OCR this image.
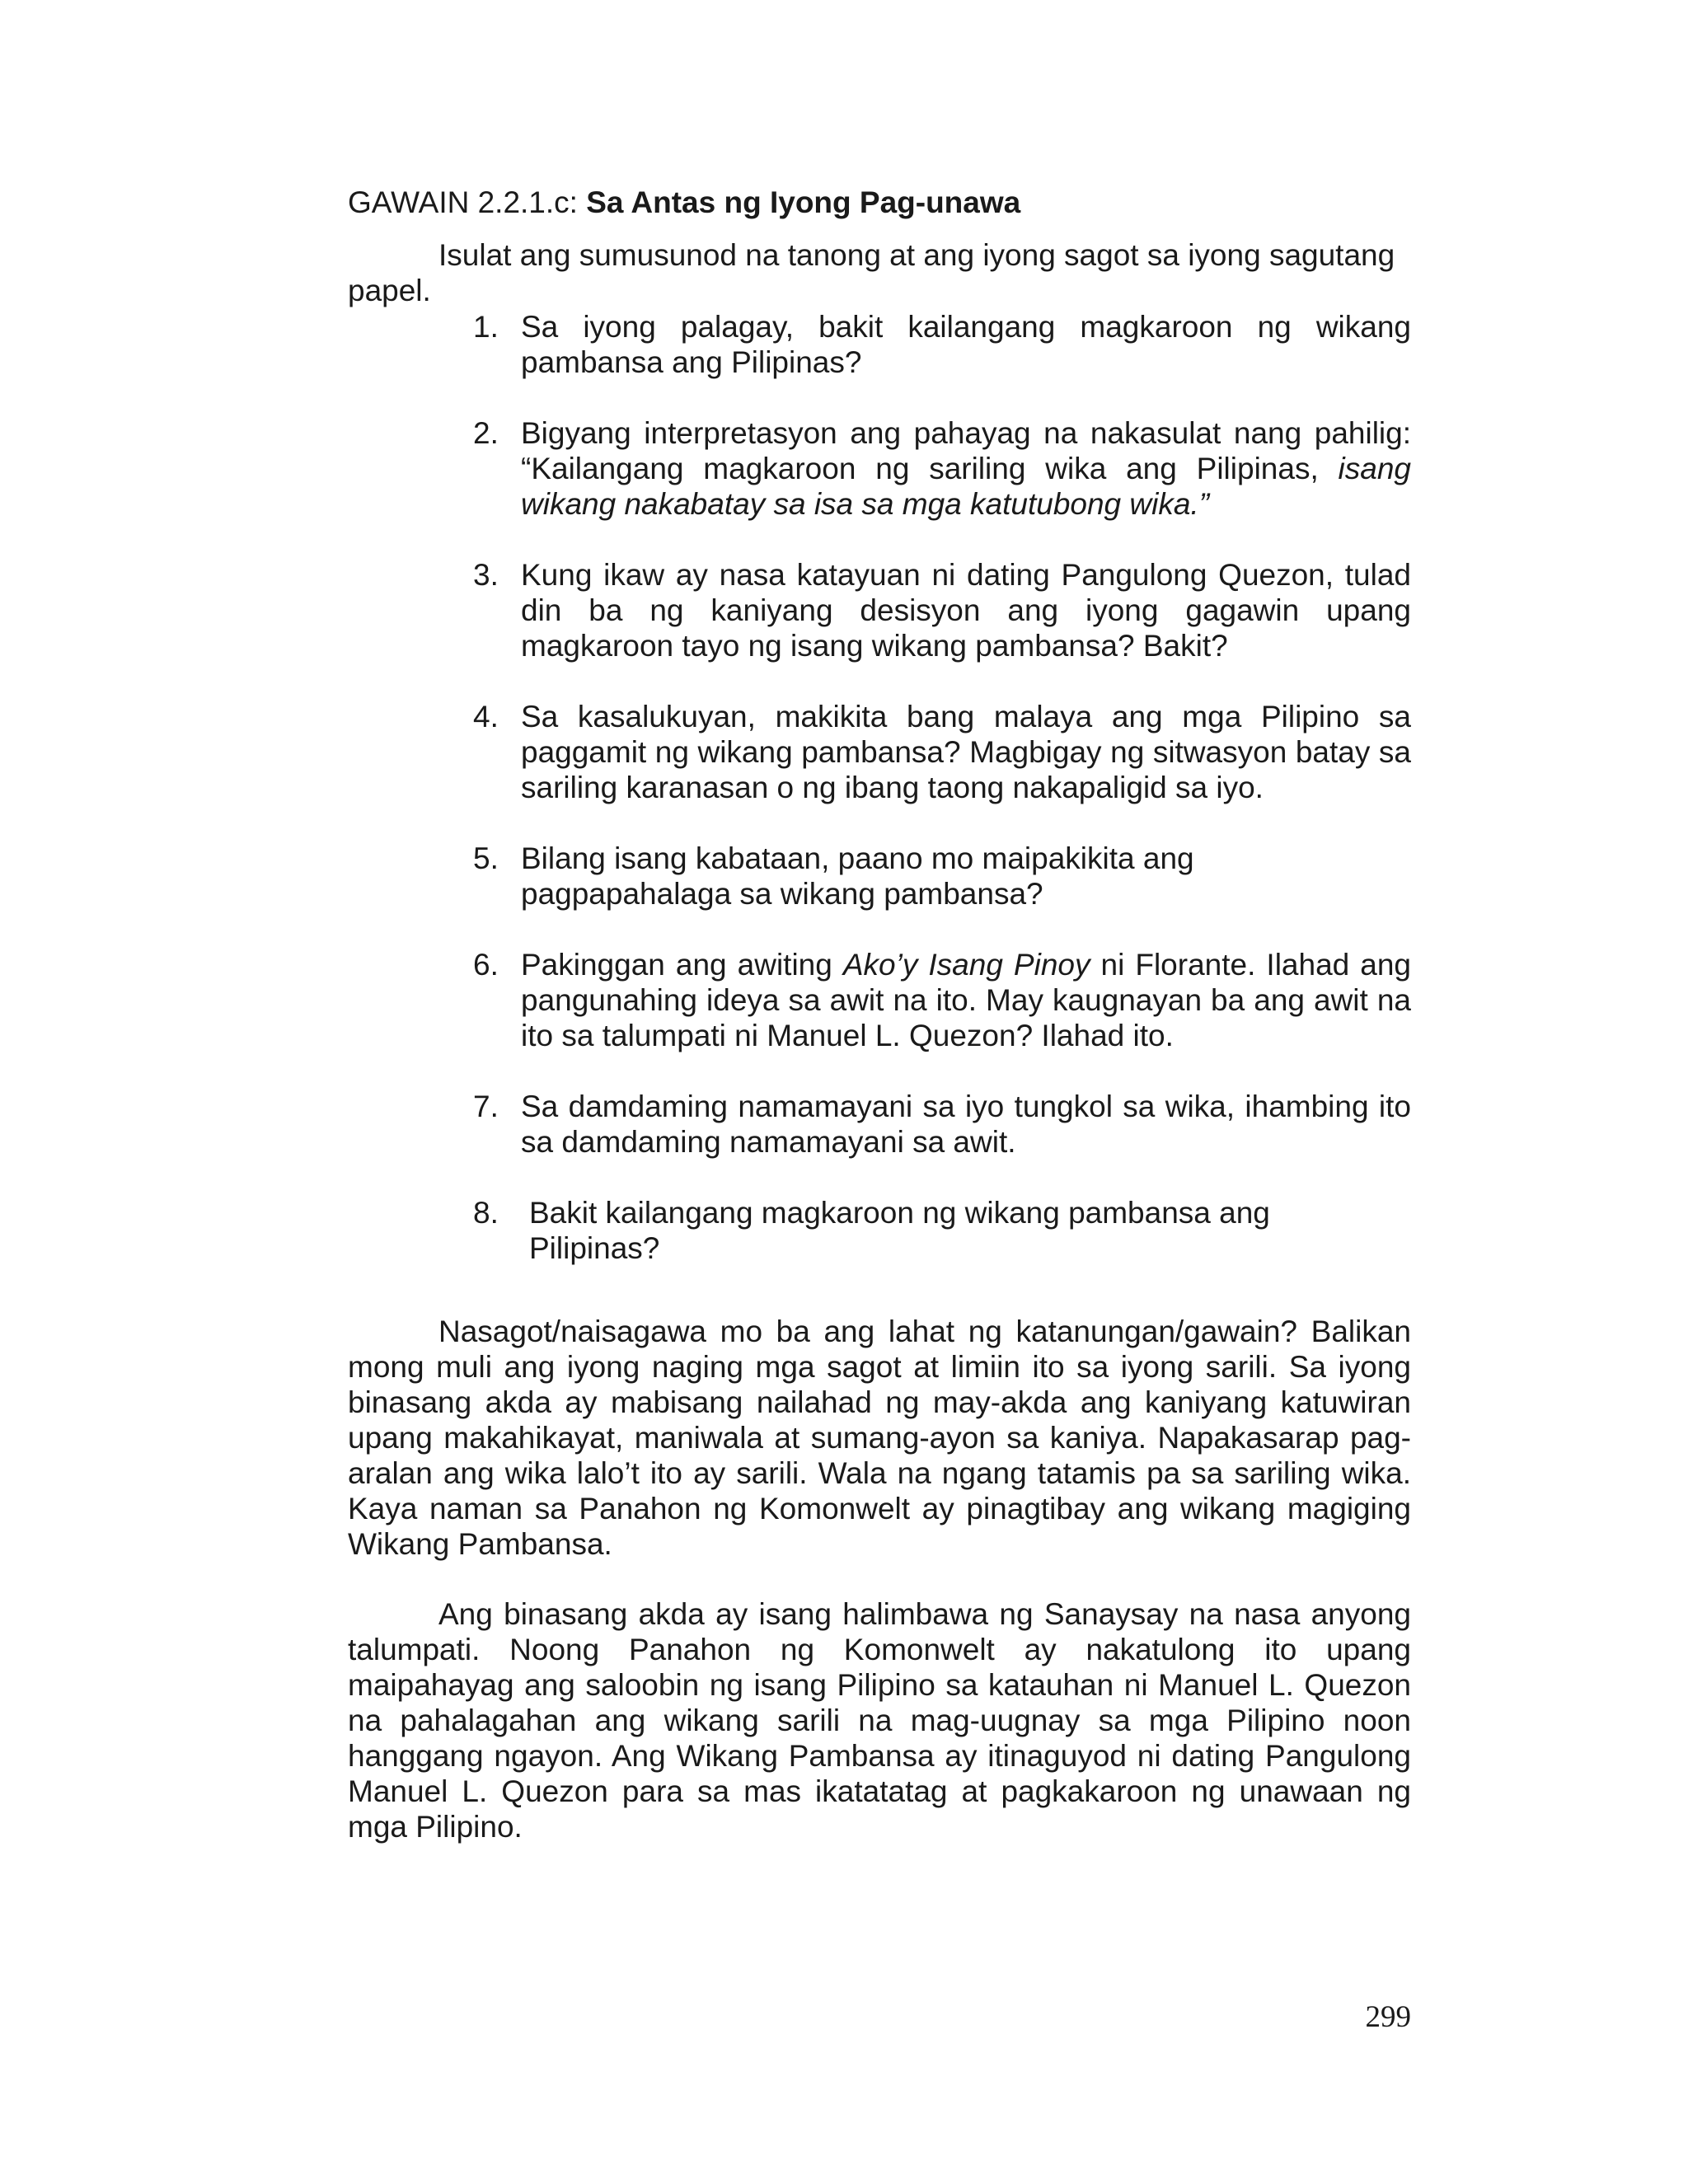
GAWAIN 2.2.1.c: Sa Antas ng Iyong Pag-unawa

Isulat ang sumusunod na tanong at ang iyong sagot sa iyong sagutang papel.

1. Sa iyong palagay, bakit kailangang magkaroon ng wikang pambansa ang Pilipinas?
2. Bigyang interpretasyon ang pahayag na nakasulat nang pahilig: “Kailangang magkaroon ng sariling wika ang Pilipinas, isang wikang nakabatay sa isa sa mga katutubong wika.”
3. Kung ikaw ay nasa katayuan ni dating Pangulong Quezon, tulad din ba ng kaniyang desisyon ang iyong gagawin upang magkaroon tayo ng isang wikang pambansa? Bakit?
4. Sa kasalukuyan, makikita bang malaya ang mga Pilipino sa paggamit ng wikang pambansa? Magbigay ng sitwasyon batay sa sariling karanasan o ng ibang taong nakapaligid sa iyo.
5. Bilang isang kabataan, paano mo maipakikita ang pagpapahalaga sa wikang pambansa?
6. Pakinggan ang awiting Ako’y Isang Pinoy ni Florante. Ilahad ang pangunahing ideya sa awit na ito. May kaugnayan ba ang awit na ito sa talumpati ni Manuel L. Quezon? Ilahad ito.
7. Sa damdaming namamayani sa iyo tungkol sa wika, ihambing ito sa damdaming namamayani sa awit.
8. Bakit kailangang magkaroon ng wikang pambansa ang Pilipinas?

Nasagot/naisagawa mo ba ang lahat ng katanungan/gawain? Balikan mong muli ang iyong naging mga sagot at limiin ito sa iyong sarili. Sa iyong binasang akda ay mabisang nailahad ng may-akda ang kaniyang katuwiran upang makahikayat, maniwala at sumang-ayon sa kaniya. Napakasarap pag-aralan ang wika lalo’t ito ay sarili. Wala na ngang tatamis pa sa sariling wika. Kaya naman sa Panahon ng Komonwelt ay pinagtibay ang wikang magiging Wikang Pambansa.

Ang binasang akda ay isang halimbawa ng Sanaysay na nasa anyong talumpati. Noong Panahon ng Komonwelt ay nakatulong ito upang maipahayag ang saloobin ng isang Pilipino sa katauhan ni Manuel L. Quezon na pahalagahan ang wikang sarili na mag-uugnay sa mga Pilipino noon hanggang ngayon. Ang Wikang Pambansa ay itinaguyod ni dating Pangulong Manuel L. Quezon para sa mas ikatatatag at pagkakaroon ng unawaan ng mga Pilipino.

299
